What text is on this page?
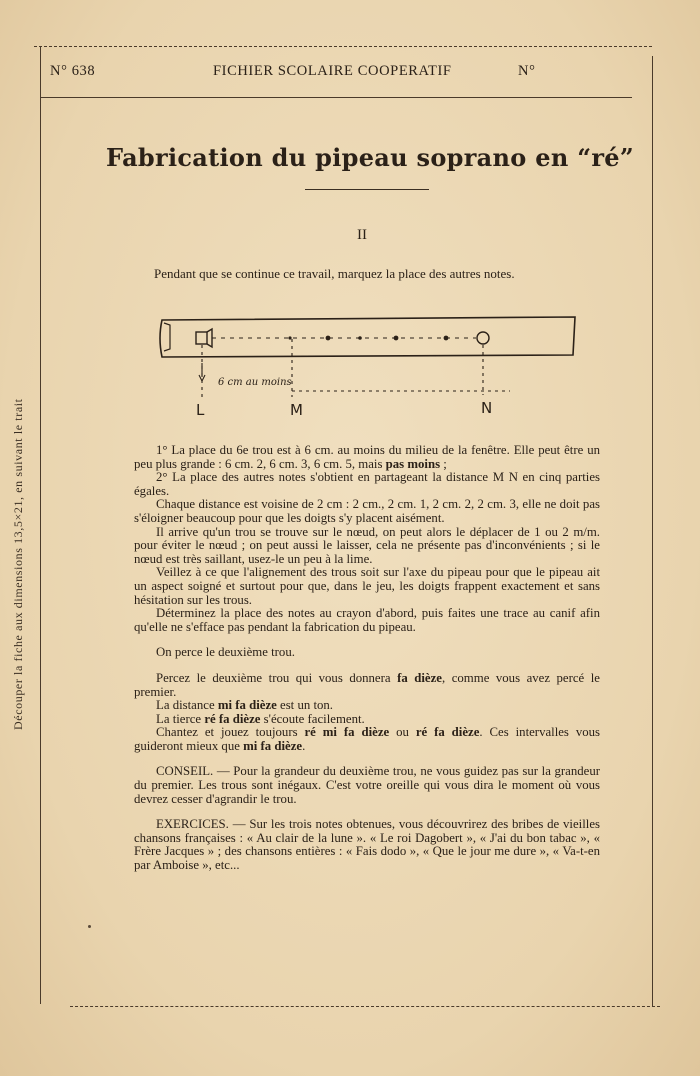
Découper la fiche aux dimensions 13,5×21, en suivant le trait
N° 638	FICHIER SCOLAIRE COOPERATIF	N°
Fabrication du pipeau soprano en “ré”
II
Pendant que se continue ce travail, marquez la place des autres notes.
6 cm au moins
L	M	N

1° La place du 6e trou est à 6 cm. au moins du milieu de la fenêtre. Elle peut être un peu plus grande : 6 cm. 2, 6 cm. 3, 6 cm. 5, mais pas moins ;

2° La place des autres notes s'obtient en partageant la distance M N en cinq parties égales.

Chaque distance est voisine de 2 cm : 2 cm., 2 cm. 1, 2 cm. 2, 2 cm. 3, elle ne doit pas s'éloigner beaucoup pour que les doigts s'y placent aisément.

Il arrive qu'un trou se trouve sur le nœud, on peut alors le déplacer de 1 ou 2 m/m. pour éviter le nœud ; on peut aussi le laisser, cela ne présente pas d'inconvénients ; si le nœud est très saillant, usez-le un peu à la lime.

Veillez à ce que l'alignement des trous soit sur l'axe du pipeau pour que le pipeau ait un aspect soigné et surtout pour que, dans le jeu, les doigts frappent exactement et sans hésitation sur les trous.

Déterminez la place des notes au crayon d'abord, puis faites une trace au canif afin qu'elle ne s'efface pas pendant la fabrication du pipeau.

On perce le deuxième trou.

Percez le deuxième trou qui vous donnera fa dièze, comme vous avez percé le premier.

La distance mi fa dièze est un ton.

La tierce ré fa dièze s'écoute facilement.

Chantez et jouez toujours ré mi fa dièze ou ré fa dièze. Ces intervalles vous guideront mieux que mi fa dièze.

CONSEIL. — Pour la grandeur du deuxième trou, ne vous guidez pas sur la grandeur du premier. Les trous sont inégaux. C'est votre oreille qui vous dira le moment où vous devrez cesser d'agrandir le trou.

EXERCICES. — Sur les trois notes obtenues, vous découvrirez des bribes de vieilles chansons françaises : « Au clair de la lune ». « Le roi Dagobert », « J'ai du bon tabac », « Frère Jacques » ; des chansons entières : « Fais dodo », « Que le jour me dure », « Va-t-en par Amboise », etc...
